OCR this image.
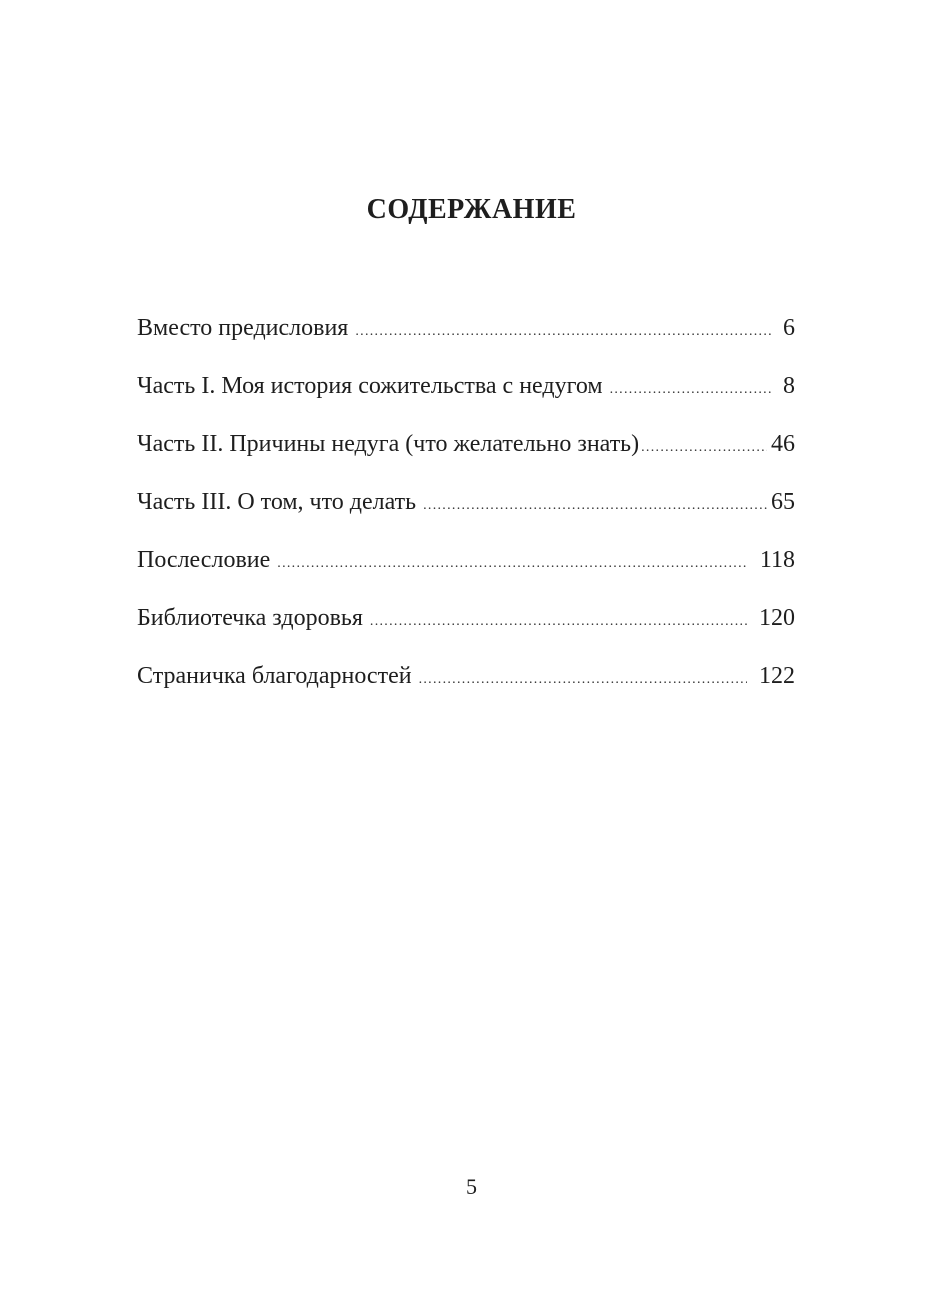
СОДЕРЖАНИЕ
Вместо предисловия .....	6
Часть I. Моя история сожительства с недугом .....	8
Часть II. Причины недуга (что желательно знать) .....	46
Часть III. О том, что делать .....	65
Послесловие .....	118
Библиотечка здоровья .....	120
Страничка благодарностей .....	122
5
